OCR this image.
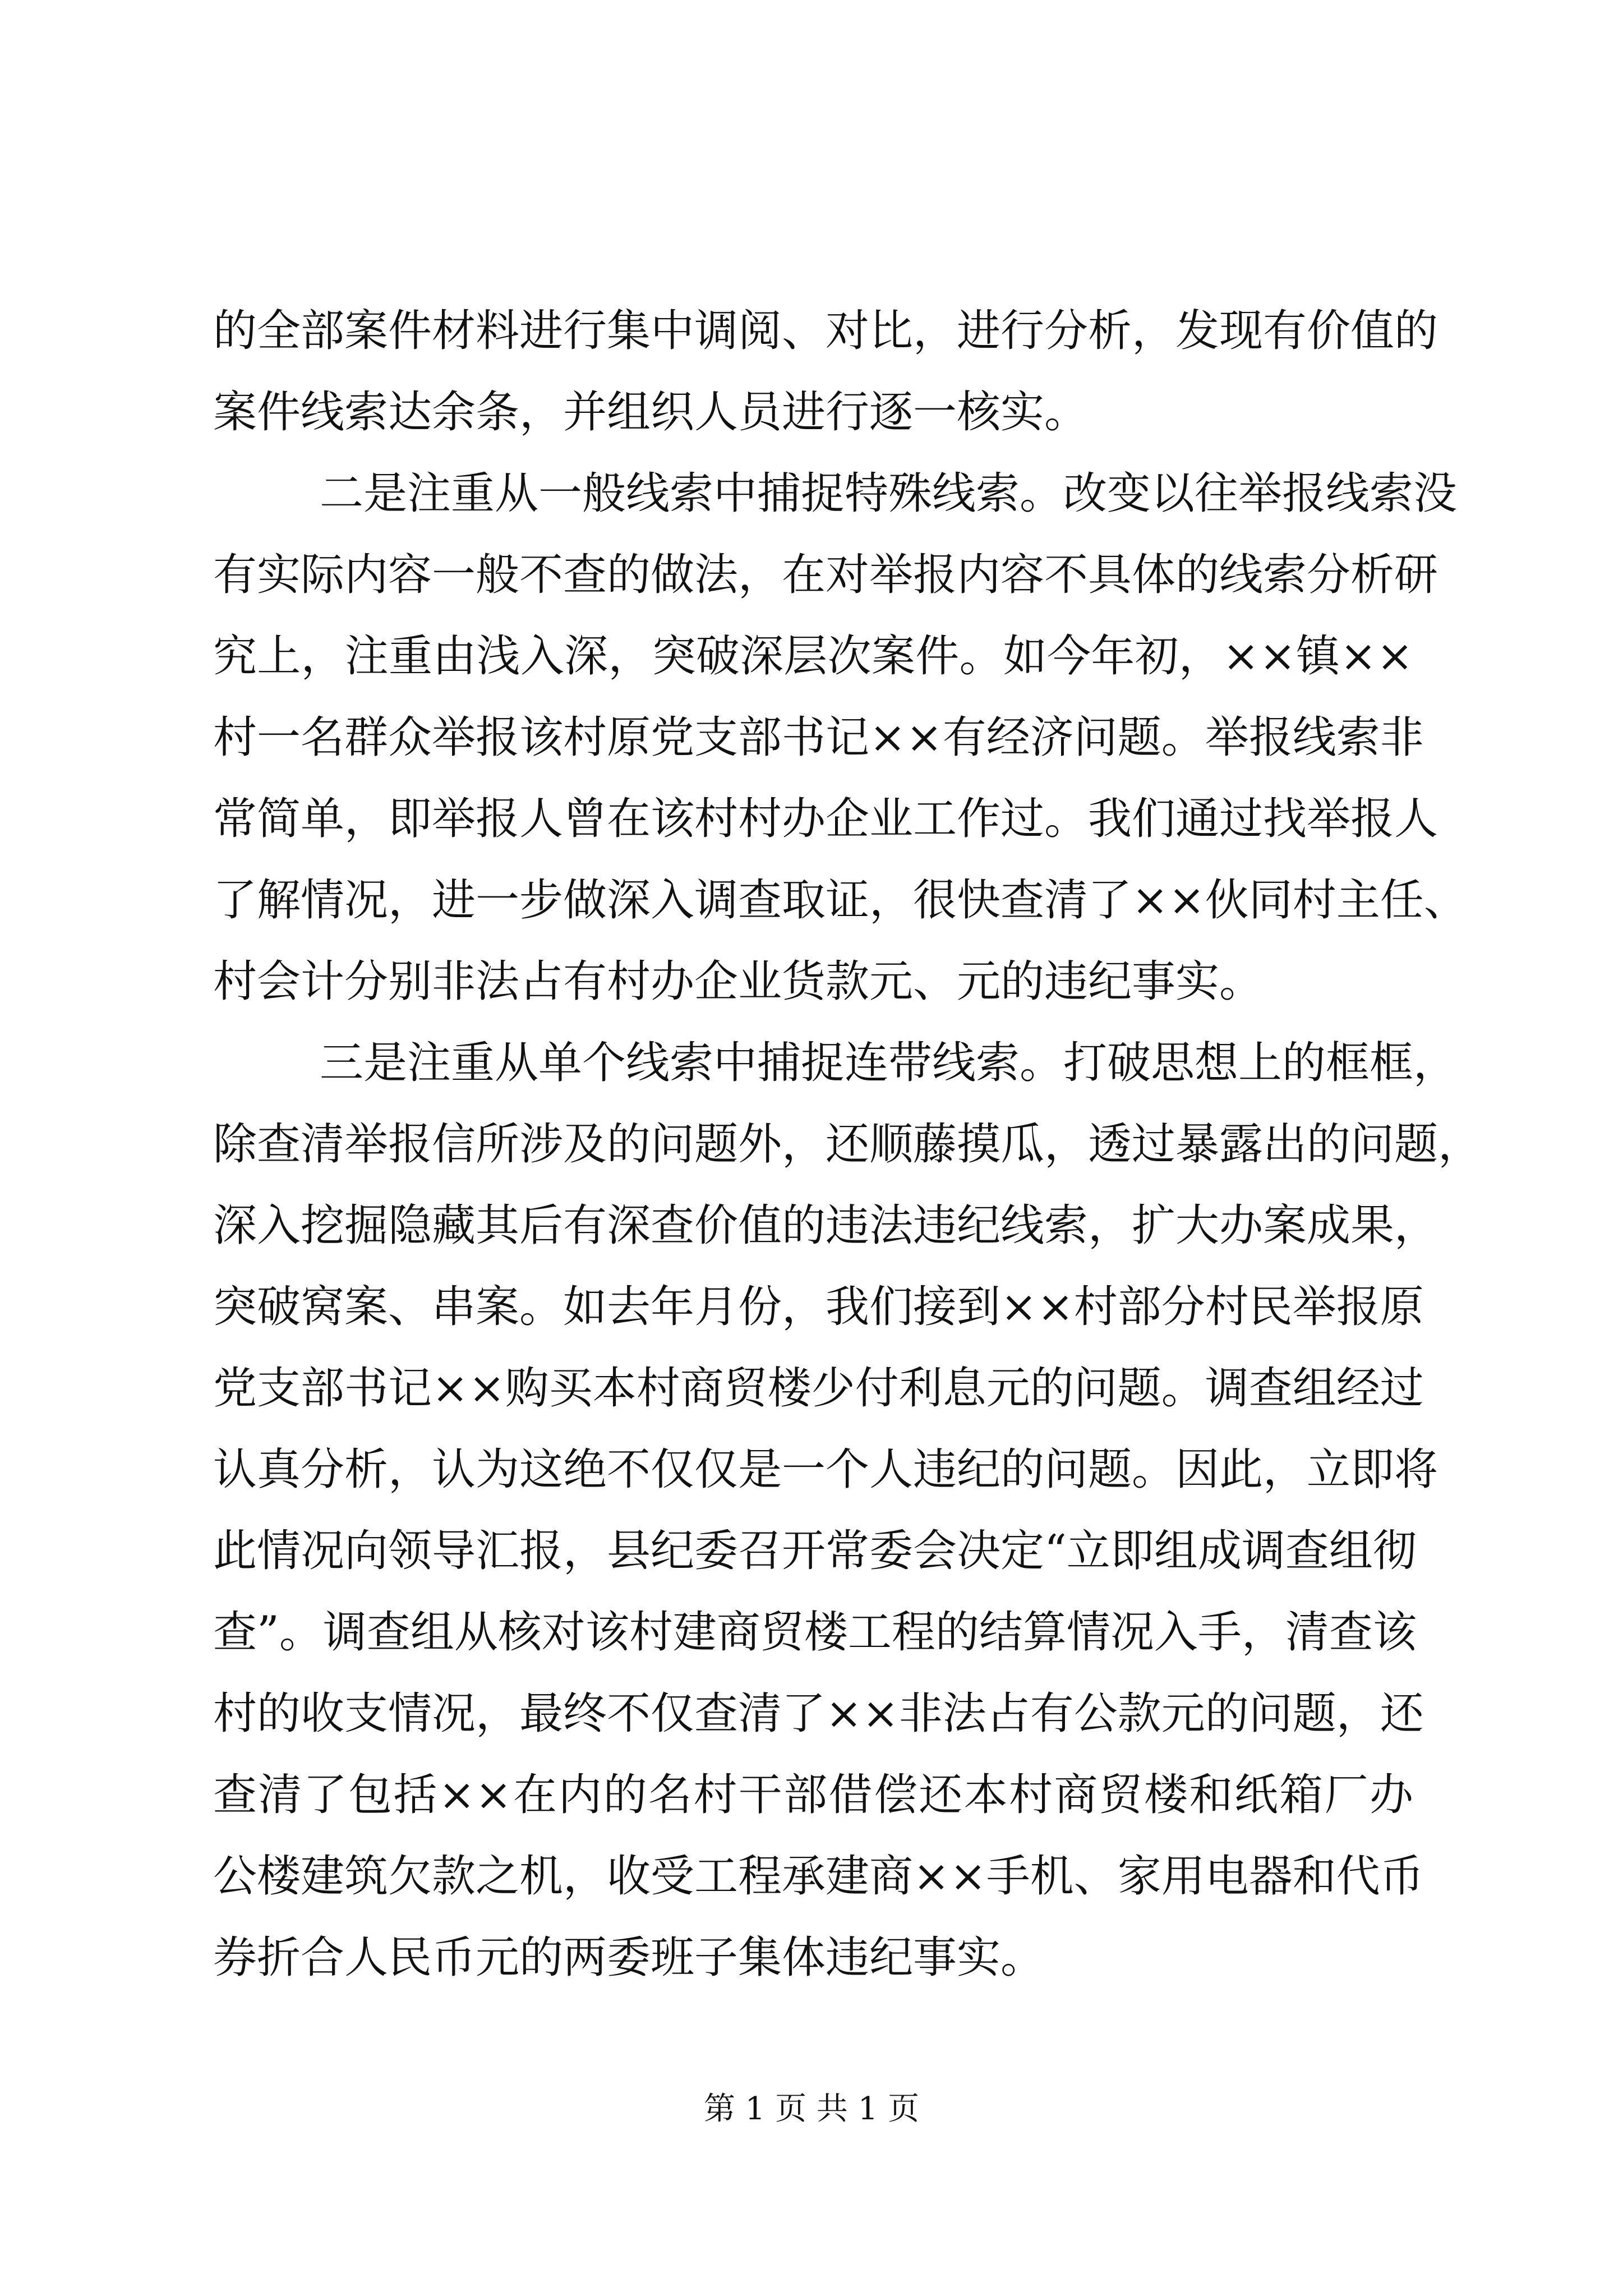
的全部案件材料进行集中调阅、对比，进行分析，发现有价值的
案件线索达余条，并组织人员进行逐一核实。
二是注重从一般线索中捕捉特殊线索。改变以往举报线索没
有实际内容一般不查的做法，在对举报内容不具体的线索分析研
究上，注重由浅入深，突破深层次案件。如今年初，××镇××
村一名群众举报该村原党支部书记××有经济问题。举报线索非
常简单，即举报人曾在该村村办企业工作过。我们通过找举报人
了解情况，进一步做深入调查取证，很快查清了××伙同村主任、
村会计分别非法占有村办企业货款元、元的违纪事实。
三是注重从单个线索中捕捉连带线索。打破思想上的框框，
除查清举报信所涉及的问题外，还顺藤摸瓜，透过暴露出的问题，
深入挖掘隐藏其后有深查价值的违法违纪线索，扩大办案成果，
突破窝案、串案。如去年月份，我们接到××村部分村民举报原
党支部书记××购买本村商贸楼少付利息元的问题。调查组经过
认真分析，认为这绝不仅仅是一个人违纪的问题。因此，立即将
此情况向领导汇报，县纪委召开常委会决定“立即组成调查组彻
查”。调查组从核对该村建商贸楼工程的结算情况入手，清查该
村的收支情况，最终不仅查清了××非法占有公款元的问题，还
查清了包括××在内的名村干部借偿还本村商贸楼和纸箱厂办
公楼建筑欠款之机，收受工程承建商××手机、家用电器和代币
券折合人民币元的两委班子集体违纪事实。
第 1 页 共 1 页
